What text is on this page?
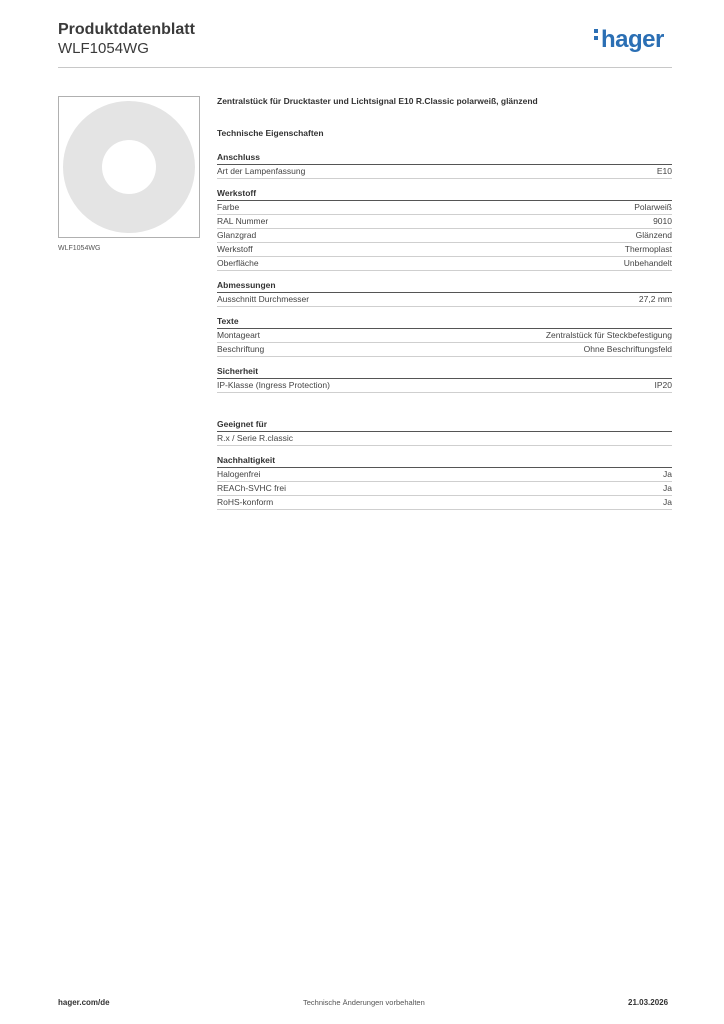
Produktdatenblatt
WLF1054WG	hager
WLF1054WG
Zentralstück für Drucktaster und Lichtsignal E10 R.Classic polarweiß, glänzend
Technische Eigenschaften
Anschluss
Art der Lampenfassung	E10
Werkstoff
Farbe	Polarweiß
RAL Nummer	9010
Glanzgrad	Glänzend
Werkstoff	Thermoplast
Oberfläche	Unbehandelt
Abmessungen
Ausschnitt Durchmesser	27,2 mm
Texte
Montageart	Zentralstück für Steckbefestigung
Beschriftung	Ohne Beschriftungsfeld
Sicherheit
IP-Klasse (Ingress Protection)	IP20
Geeignet für
R.x / Serie R.classic
Nachhaltigkeit
Halogenfrei	Ja
REACh-SVHC frei	Ja
RoHS-konform	Ja
hager.com/de	Technische Änderungen vorbehalten	21.03.2026
